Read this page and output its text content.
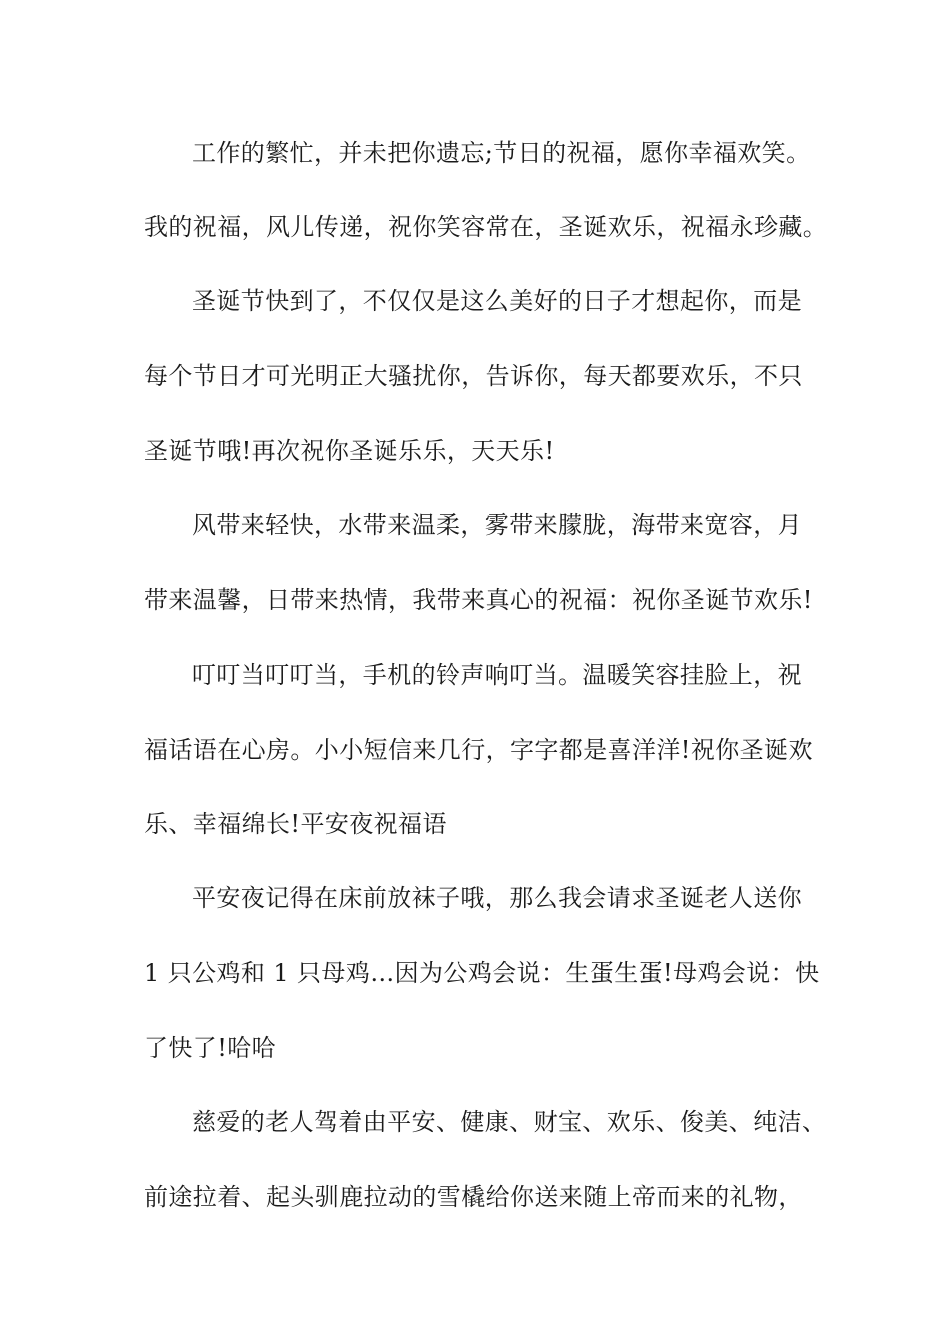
工作的繁忙，并未把你遗忘;节日的祝福，愿你幸福欢笑。
我的祝福，风儿传递，祝你笑容常在，圣诞欢乐，祝福永珍藏。
圣诞节快到了，不仅仅是这么美好的日子才想起你，而是
每个节日才可光明正大骚扰你，告诉你，每天都要欢乐，不只
圣诞节哦!再次祝你圣诞乐乐，天天乐!
风带来轻快，水带来温柔，雾带来朦胧，海带来宽容，月
带来温馨，日带来热情，我带来真心的祝福：祝你圣诞节欢乐!
叮叮当叮叮当，手机的铃声响叮当。温暖笑容挂脸上，祝
福话语在心房。小小短信来几行，字字都是喜洋洋!祝你圣诞欢
乐、幸福绵长!平安夜祝福语
平安夜记得在床前放袜子哦，那么我会请求圣诞老人送你
1 只公鸡和 1 只母鸡…因为公鸡会说：生蛋生蛋!母鸡会说：快
了快了!哈哈
慈爱的老人驾着由平安、健康、财宝、欢乐、俊美、纯洁、
前途拉着、起头驯鹿拉动的雪橇给你送来随上帝而来的礼物，
